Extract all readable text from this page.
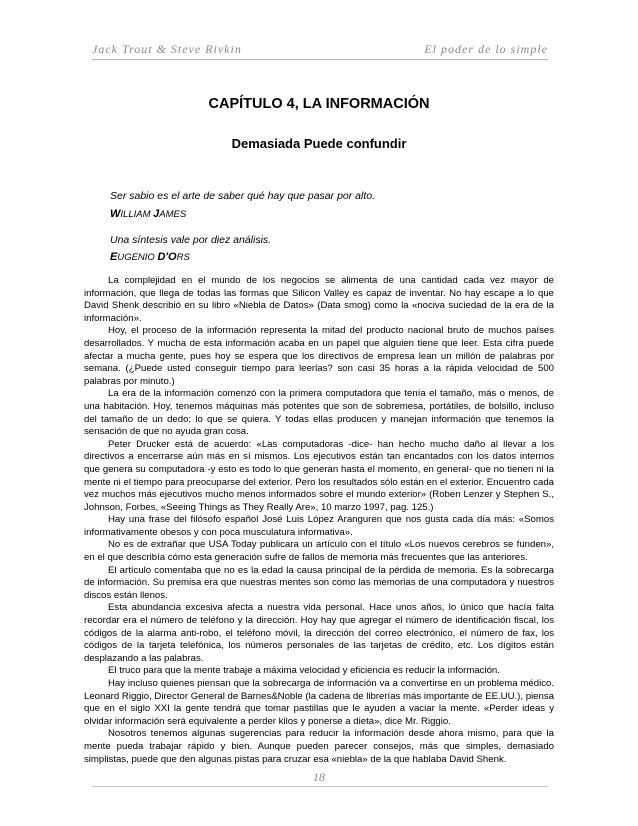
Jack Trout & Steve Rivkin	El poder de lo simple
CAPÍTULO 4, LA INFORMACIÓN
Demasiada Puede confundir
Ser sabio es el arte de saber qué hay que pasar por alto.
WILLIAM JAMES
Una síntesis vale por diez análisis.
EUGENIO D'ORS

La complejidad en el mundo de los negocios se alimenta de una cantidad cada vez mayor de información, que llega de todas las formas que Silicon Valley es capaz de inventar. No hay escape a lo que David Shenk describió en su libro «Niebla de Datos» (Data smog) como la «nociva suciedad de la era de la información».

Hoy, el proceso de la información representa la mitad del producto nacional bruto de muchos países desarrollados. Y mucha de esta información acaba en un papel que alguien tiene que leer. Esta cifra puede afectar a mucha gente, pues hoy se espera que los directivos de empresa lean un millón de palabras por semana. (¿Puede usted conseguir tiempo para leerlas? son casi 35 horas a la rápida velocidad de 500 palabras por minuto.)

La era de la información comenzó con la primera computadora que tenía el tamaño, más o menos, de una habitación. Hoy, tenemos máquinas más potentes que son de sobremesa, portátiles, de bolsillo, incluso del tamaño de un dedo; lo que se quiera. Y todas ellas producen y manejan información que tenemos la sensación de que no ayuda gran cosa.

Peter Drucker está de acuerdo: «Las computadoras -dice- han hecho mucho daño al llevar a los directivos a encerrarse aún más en sí mismos. Los ejecutivos están tan encantados con los datos internos que genera su computadora -y esto es todo lo que generan hasta el momento, en general- que no tienen ni la mente ni el tiempo para preocuparse del exterior. Pero los resultados sólo están en el exterior. Encuentro cada vez muchos más ejecutivos mucho menos informados sobre el mundo exterior» (Roben Lenzer y Stephen S., Johnson, Forbes, «Seeing Things as They Really Are», 10 marzo 1997, pag. 125.)

Hay una frase del filósofo español José Luis López Aranguren que nos gusta cada día más: «Somos informativamente obesos y con poca musculatura informativa».

No es de extrañar que USA Today publicara un artículo con el título «Los nuevos cerebros se funden», en el que describía cómo esta generación sufre de fallos de memoria más frecuentes que las anteriores.

El artículo comentaba que no es la edad la causa principal de la pérdida de memoria. Es la sobrecarga de información. Su premisa era que nuestras mentes son como las memorias de una computadora y nuestros discos están llenos.

Esta abundancia excesiva afecta a nuestra vida personal. Hace unos años, lo único que hacía falta recordar era el número de teléfono y la dirección. Hoy hay que agregar el número de identificación fiscal, los códigos de la alarma anti-robo, el teléfono móvil, la dirección del correo electrónico, el número de fax, los códigos de la tarjeta telefónica, los números personales de las tarjetas de crédito, etc. Los dígitos están desplazando a las palabras.

El truco para que la mente trabaje a máxima velocidad y eficiencia es reducir la información.

Hay incluso quienes piensan que la sobrecarga de información va a convertirse en un problema médico. Leonard Riggio, Director General de Barnes&Noble (la cadena de librerías más importante de EE.UU.), piensa que en el siglo XXI la gente tendrá que tomar pastillas que le ayuden a vaciar la mente. «Perder ideas y olvidar información será equivalente a perder kilos y ponerse a dieta», dice Mr. Riggio.

Nosotros tenemos algunas sugerencias para reducir la información desde ahora mismo, para que la mente pueda trabajar rápido y bien. Aunque pueden parecer consejos, más que simples, demasiado simplistas, puede que den algunas pistas para cruzar esa «niebla» de la que hablaba David Shenk.

18
